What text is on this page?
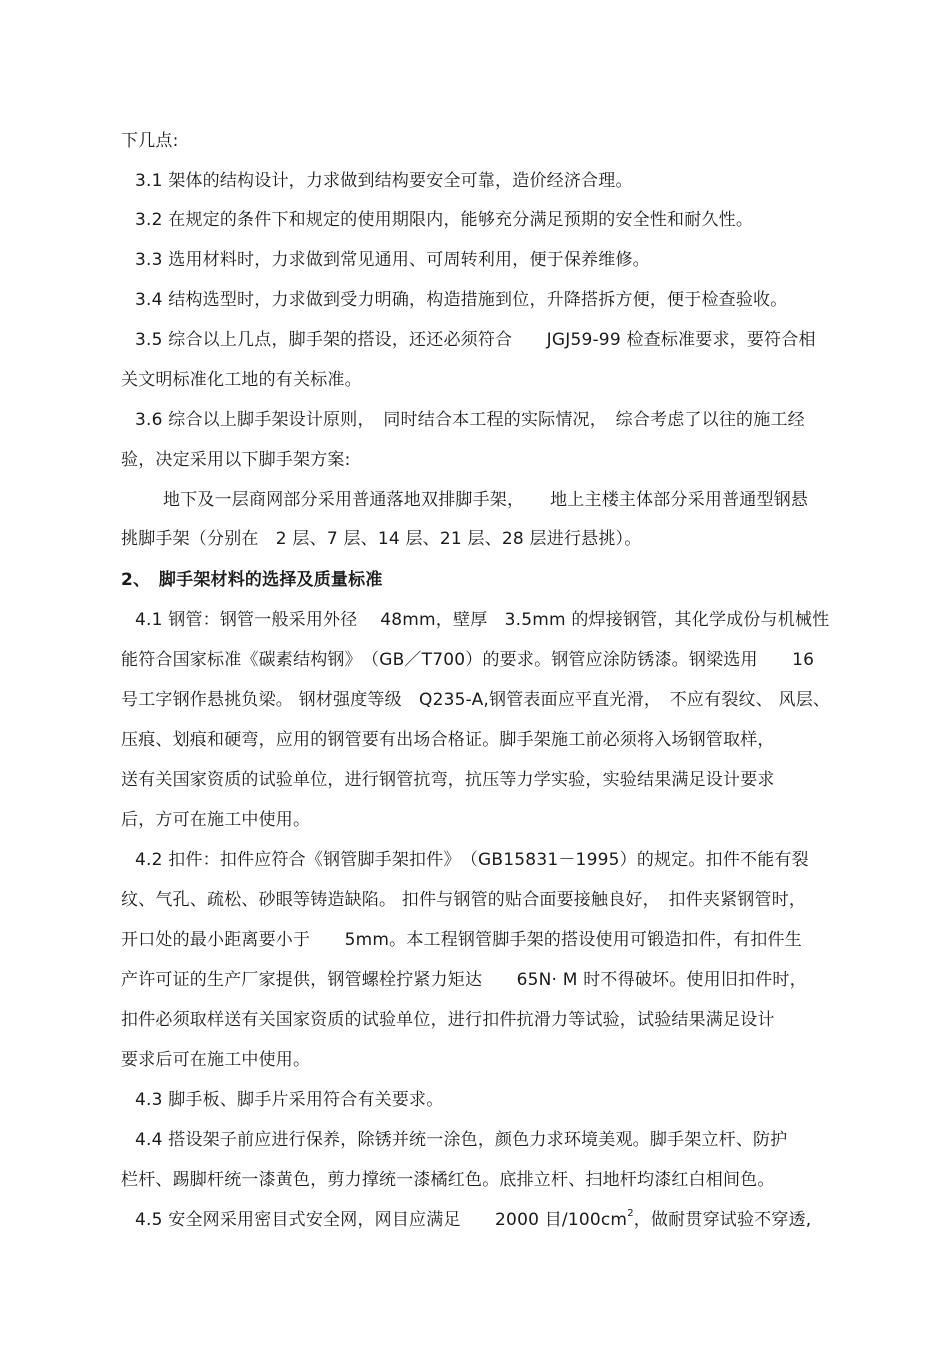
下几点:
3.1 架体的结构设计，力求做到结构要安全可靠，造价经济合理。
3.2 在规定的条件下和规定的使用期限内，能够充分满足预期的安全性和耐久性。
3.3 选用材料时，力求做到常见通用、可周转利用，便于保养维修。
3.4 结构选型时，力求做到受力明确，构造措施到位，升降搭拆方便，便于检查验收。
3.5 综合以上几点，脚手架的搭设，还还必须符合　　JGJ59-99 检查标准要求，要符合相
关文明标准化工地的有关标准。
3.6 综合以上脚手架设计原则，　同时结合本工程的实际情况，　综合考虑了以往的施工经
验，决定采用以下脚手架方案:
地下及一层商网部分采用普通落地双排脚手架，　　地上主楼主体部分采用普通型钢悬
挑脚手架（分别在　2 层、7 层、14 层、21 层、28 层进行悬挑）。
2、　脚手架材料的选择及质量标准
4.1 钢管：钢管一般采用外径　 48mm，壁厚　3.5mm 的焊接钢管，其化学成份与机械性
能符合国家标准《碳素结构钢》　（GB／T700）的要求。钢管应涂防锈漆。钢梁选用　　16
号工字钢作悬挑负梁。 钢材强度等级　Q235-A,钢管表面应平直光滑，　不应有裂纹、 风层、
压痕、划痕和硬弯，应用的钢管要有出场合格证。脚手架施工前必须将入场钢管取样，
送有关国家资质的试验单位，进行钢管抗弯，抗压等力学实验，实验结果满足设计要求
后，方可在施工中使用。
4.2 扣件：扣件应符合《钢管脚手架扣件》　（GB15831－1995）的规定。扣件不能有裂
纹、气孔、疏松、砂眼等铸造缺陷。 扣件与钢管的贴合面要接触良好，　扣件夹紧钢管时，
开口处的最小距离要小于　　5mm。本工程钢管脚手架的搭设使用可锻造扣件，有扣件生
产许可证的生产厂家提供，钢管螺栓拧紧力矩达　　65N· M 时不得破坏。使用旧扣件时，
扣件必须取样送有关国家资质的试验单位，进行扣件抗滑力等试验，试验结果满足设计
要求后可在施工中使用。
4.3 脚手板、脚手片采用符合有关要求。
4.4 搭设架子前应进行保养，除锈并统一涂色，颜色力求环境美观。脚手架立杆、防护
栏杆、踢脚杆统一漆黄色，剪力撑统一漆橘红色。底排立杆、扫地杆均漆红白相间色。
4.5 安全网采用密目式安全网，网目应满足　　2000 目$/100cm^2$，做耐贯穿试验不穿透,
